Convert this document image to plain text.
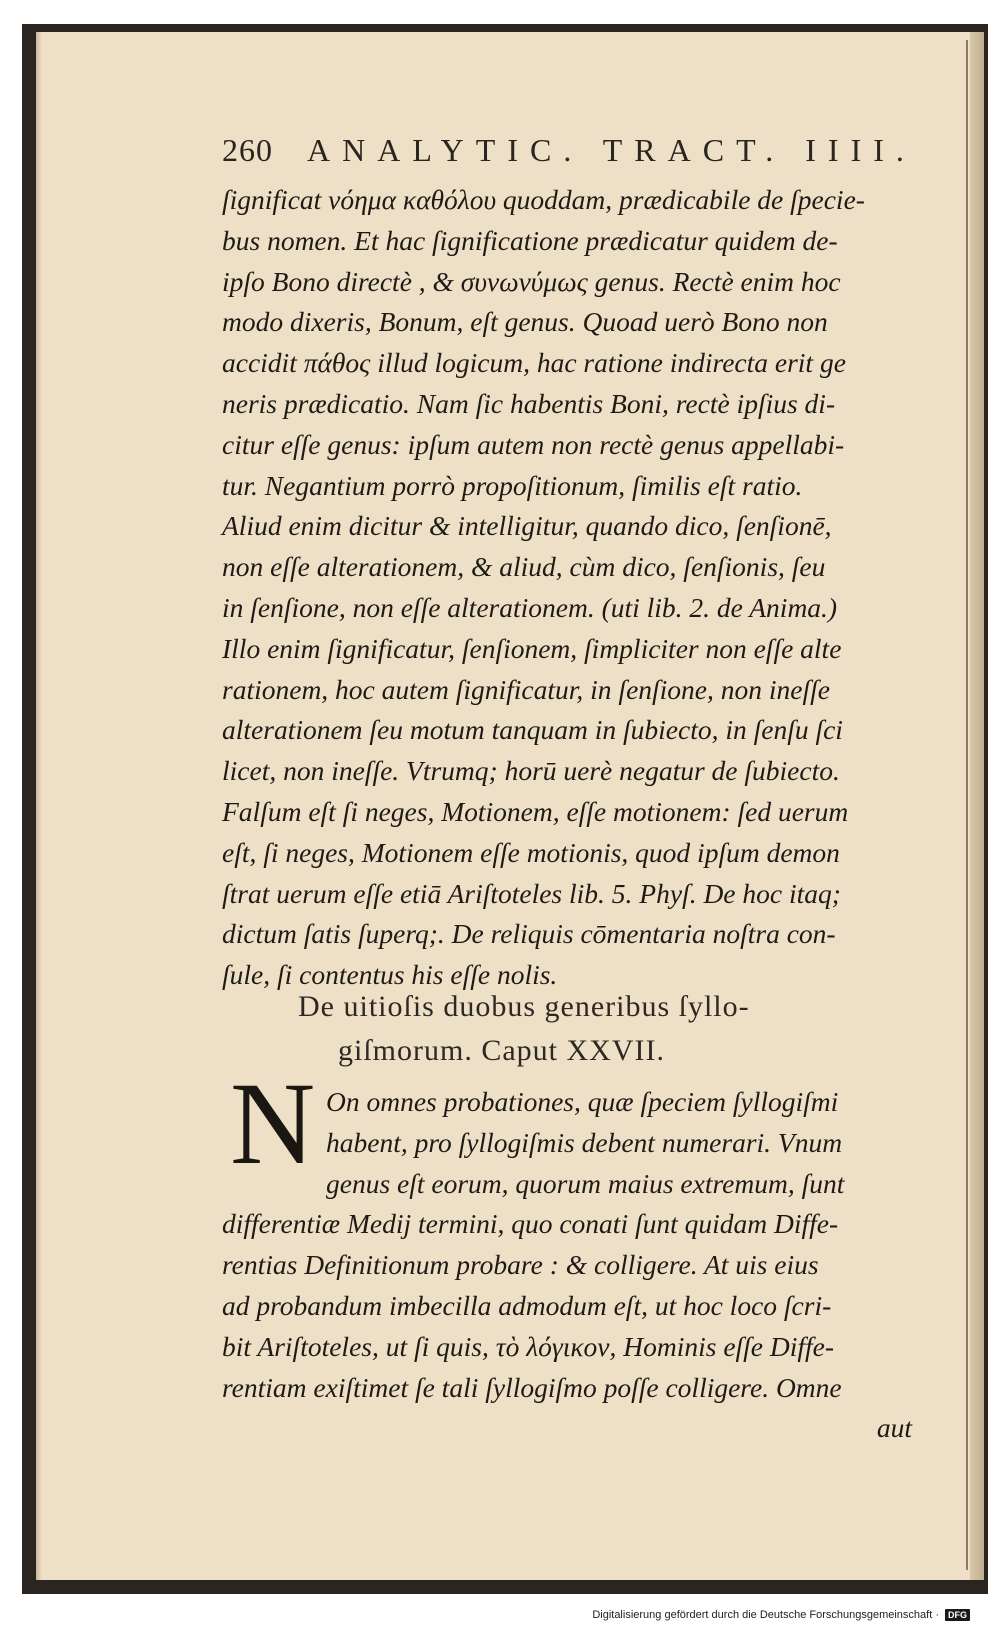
260 ANALYTIC. TRACT. IIII.

ſignificat νόημα καθόλου quoddam, prædicabile de ſpecie-

bus nomen. Et hac ſignificatione prædicatur quidem de-

ipſo Bono directè , & συνωνύμως genus. Rectè enim hoc

modo dixeris, Bonum, eſt genus. Quoad uerò Bono non

accidit πάθος illud logicum, hac ratione indirecta erit ge

neris prædicatio. Nam ſic habentis Boni, rectè ipſius di-

citur eſſe genus: ipſum autem non rectè genus appellabi-

tur. Negantium porrò propoſitionum, ſimilis eſt ratio.

Aliud enim dicitur & intelligitur, quando dico, ſenſionē,

non eſſe alterationem, & aliud, cùm dico, ſenſionis, ſeu

in ſenſione, non eſſe alterationem. (uti lib. 2. de Anima.)

Illo enim ſignificatur, ſenſionem, ſimpliciter non eſſe alte

rationem, hoc autem ſignificatur, in ſenſione, non ineſſe

alterationem ſeu motum tanquam in ſubiecto, in ſenſu ſci

licet, non ineſſe. Vtrumq; horū uerè negatur de ſubiecto.

Falſum eſt ſi neges, Motionem, eſſe motionem: ſed uerum

eſt, ſi neges, Motionem eſſe motionis, quod ipſum demon

ſtrat uerum eſſe etiā Ariſtoteles lib. 5. Phyſ. De hoc itaq;

dictum ſatis ſuperq;. De reliquis cōmentaria noſtra con-

ſule, ſi contentus his eſſe nolis.

De uitioſis duobus generibus ſyllo-

giſmorum. Caput XXVII.

N On omnes probationes, quæ ſpeciem ſyllogiſmi

habent, pro ſyllogiſmis debent numerari. Vnum

genus eſt eorum, quorum maius extremum, ſunt

differentiæ Medij termini, quo conati ſunt quidam Diffe-

rentias Definitionum probare : & colligere. At uis eius

ad probandum imbecilla admodum eſt, ut hoc loco ſcri-

bit Ariſtoteles, ut ſi quis, τὸ λόγικον, Hominis eſſe Diffe-

rentiam exiſtimet ſe tali ſyllogiſmo poſſe colligere. Omne

aut

Digitalisierung gefördert durch die Deutsche Forschungsgemeinschaft ·	DFG
